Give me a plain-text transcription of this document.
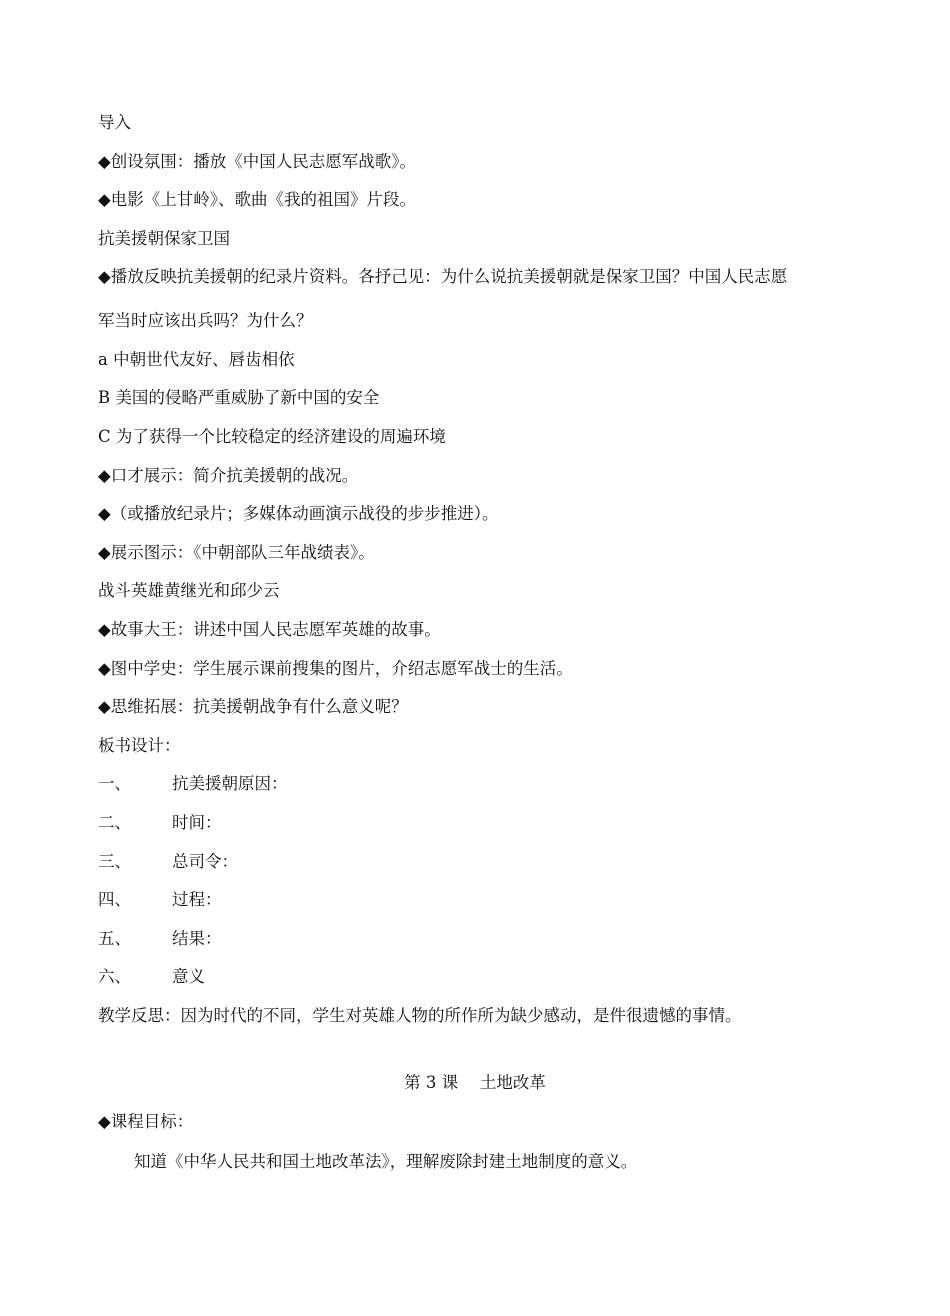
导入
◆创设氛围：播放《中国人民志愿军战歌》。
◆电影《上甘岭》、歌曲《我的祖国》片段。
抗美援朝保家卫国
◆播放反映抗美援朝的纪录片资料。各抒己见：为什么说抗美援朝就是保家卫国？中国人民志愿
军当时应该出兵吗？为什么？
a 中朝世代友好、唇齿相依
B 美国的侵略严重威胁了新中国的安全
C 为了获得一个比较稳定的经济建设的周遍环境
◆口才展示：简介抗美援朝的战况。
◆（或播放纪录片；多媒体动画演示战役的步步推进）。
◆展示图示：《中朝部队三年战绩表》。
战斗英雄黄继光和邱少云
◆故事大王：讲述中国人民志愿军英雄的故事。
◆图中学史：学生展示课前搜集的图片，介绍志愿军战士的生活。
◆思维拓展：抗美援朝战争有什么意义呢？
板书设计：
一、 抗美援朝原因：
二、 时间：
三、 总司令：
四、 过程：
五、 结果：
六、 意义
教学反思：因为时代的不同，学生对英雄人物的所作所为缺少感动，是件很遗憾的事情。
第 3 课　 土地改革
◆课程目标：
知道《中华人民共和国土地改革法》，理解废除封建土地制度的意义。
